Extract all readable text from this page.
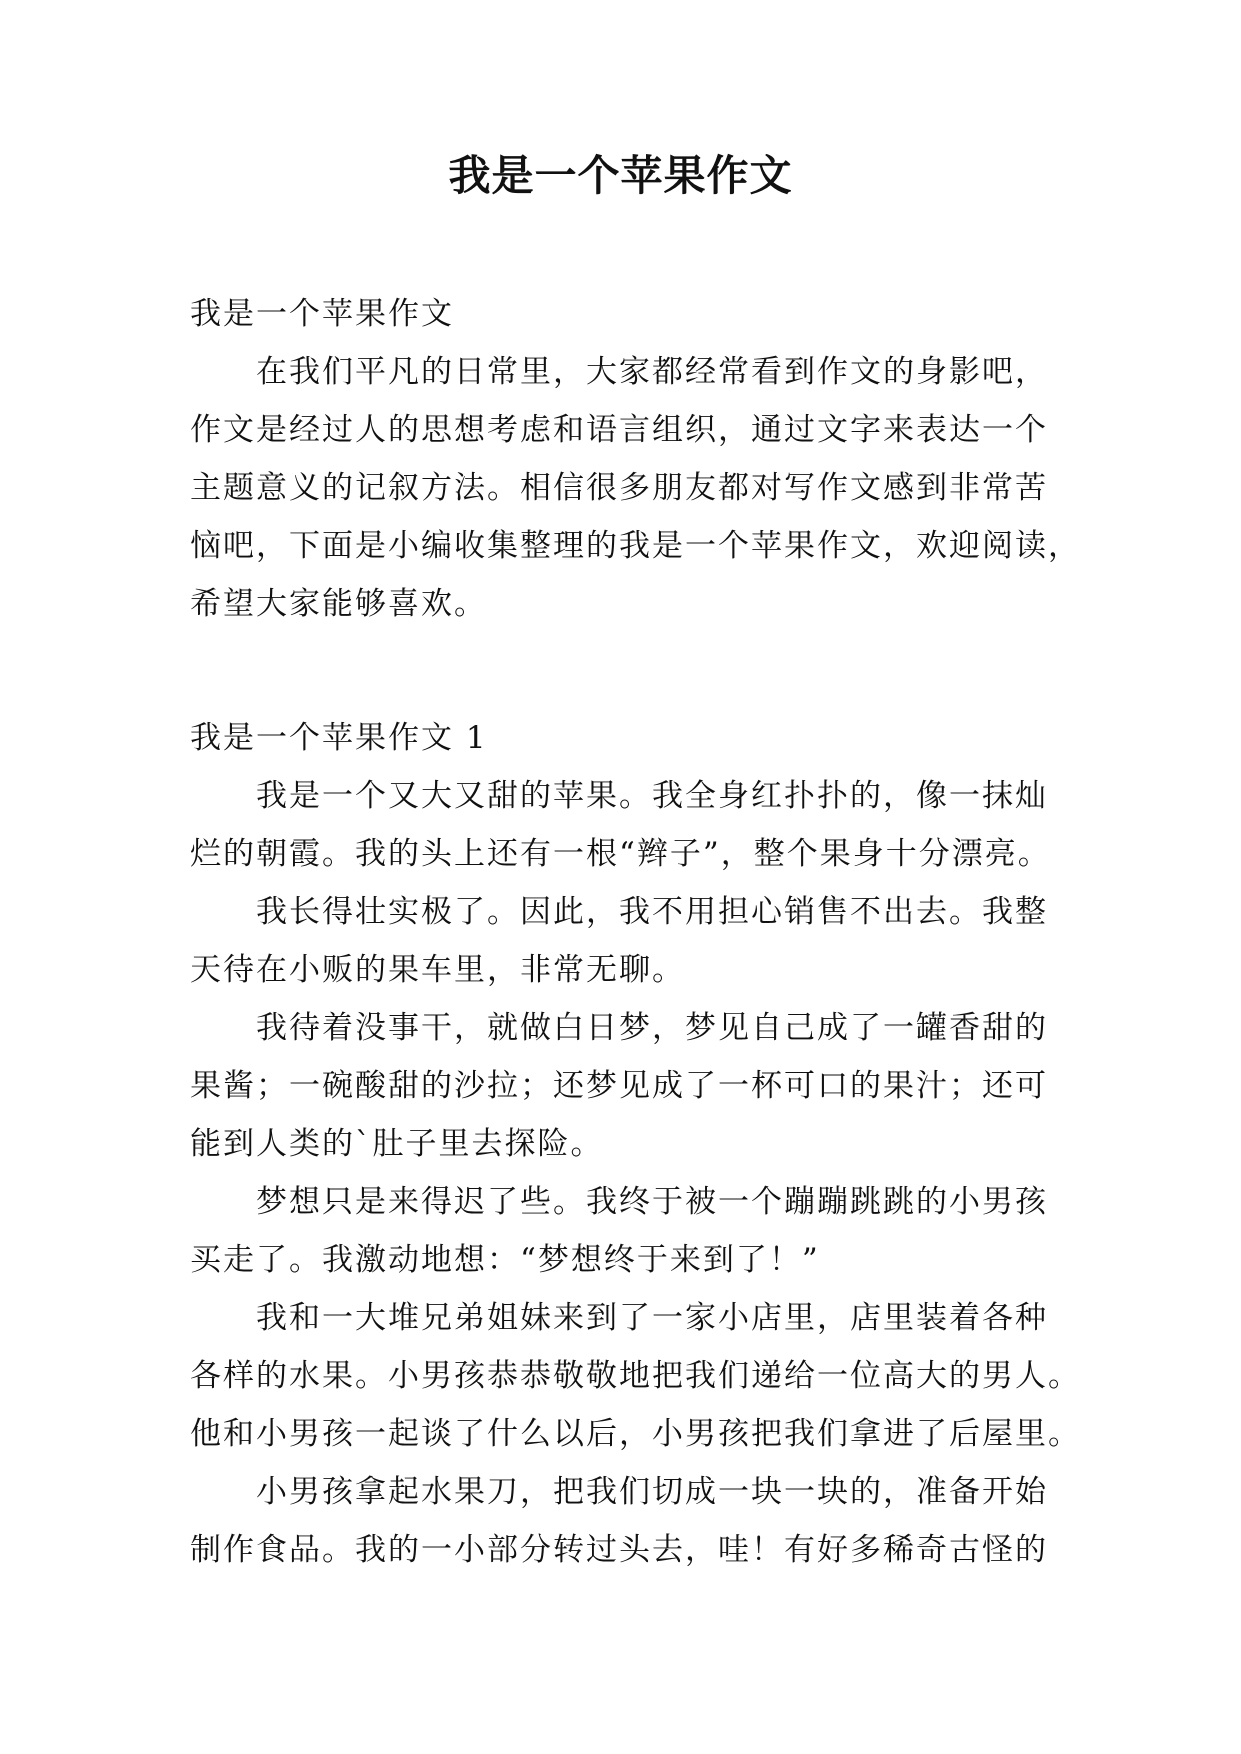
我是一个苹果作文
我是一个苹果作文
在我们平凡的日常里，大家都经常看到作文的身影吧，
作文是经过人的思想考虑和语言组织，通过文字来表达一个
主题意义的记叙方法。相信很多朋友都对写作文感到非常苦
恼吧，下面是小编收集整理的我是一个苹果作文，欢迎阅读，
希望大家能够喜欢。
我是一个苹果作文 1
我是一个又大又甜的苹果。我全身红扑扑的，像一抹灿
烂的朝霞。我的头上还有一根“辫子”，整个果身十分漂亮。
我长得壮实极了。因此，我不用担心销售不出去。我整
天待在小贩的果车里，非常无聊。
我待着没事干，就做白日梦，梦见自己成了一罐香甜的
果酱；一碗酸甜的沙拉；还梦见成了一杯可口的果汁；还可
能到人类的`肚子里去探险。
梦想只是来得迟了些。我终于被一个蹦蹦跳跳的小男孩
买走了。我激动地想：“梦想终于来到了！”
我和一大堆兄弟姐妹来到了一家小店里，店里装着各种
各样的水果。小男孩恭恭敬敬地把我们递给一位高大的男人。
他和小男孩一起谈了什么以后，小男孩把我们拿进了后屋里。
小男孩拿起水果刀，把我们切成一块一块的，准备开始
制作食品。我的一小部分转过头去，哇！有好多稀奇古怪的
